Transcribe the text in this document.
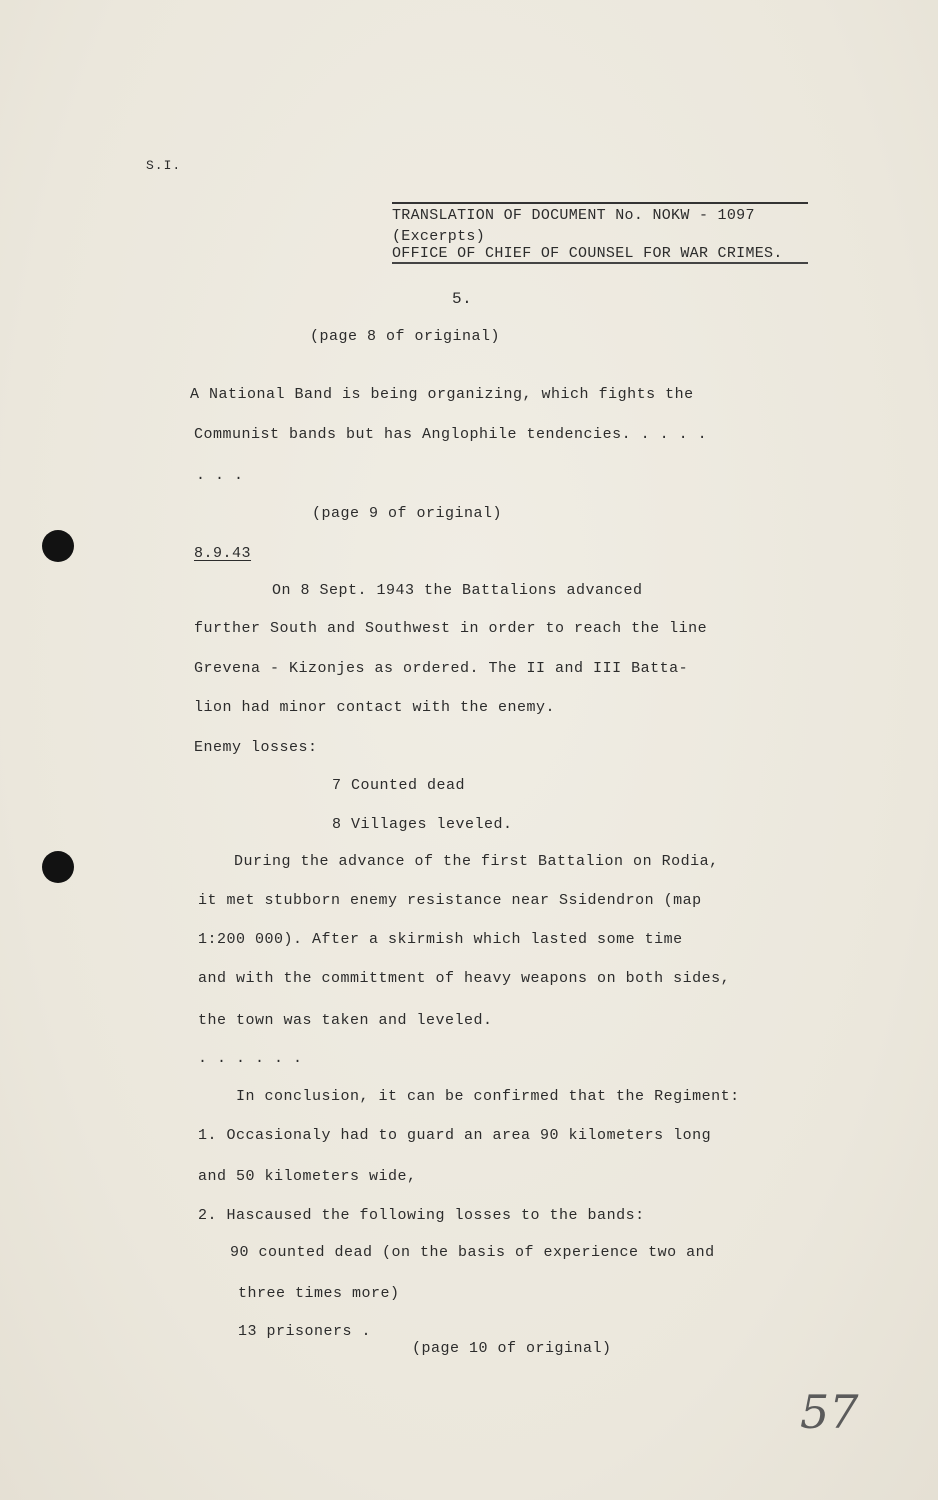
S.I.
TRANSLATION OF DOCUMENT No. NOKW - 1097
(Excerpts)
OFFICE OF CHIEF OF COUNSEL FOR WAR CRIMES.
5.
(page 8 of original)
A National Band is being organizing, which fights the
Communist bands but has Anglophile tendencies. . . . .
. . .
(page 9 of original)
8.9.43
On 8 Sept. 1943 the Battalions advanced
further South and Southwest in order to reach the line
Grevena - Kizonjes as ordered. The II and III Batta-
lion had minor contact with the enemy.
Enemy losses:
7 Counted dead
8 Villages leveled.
During the advance of the first Battalion on Rodia,
it met stubborn enemy resistance near Ssidendron (map
1:200 000). After a skirmish which lasted some time
and with the committment of heavy weapons on both sides,
the town was taken and leveled.
. . . . . .
In conclusion, it can be confirmed that the Regiment:
1. Occasionaly had to guard an area 90 kilometers long
and 50 kilometers wide,
2. Hascaused the following losses to the bands:
90 counted dead (on the basis of experience two and
three times more)
13 prisoners .
(page 10 of original)
57
